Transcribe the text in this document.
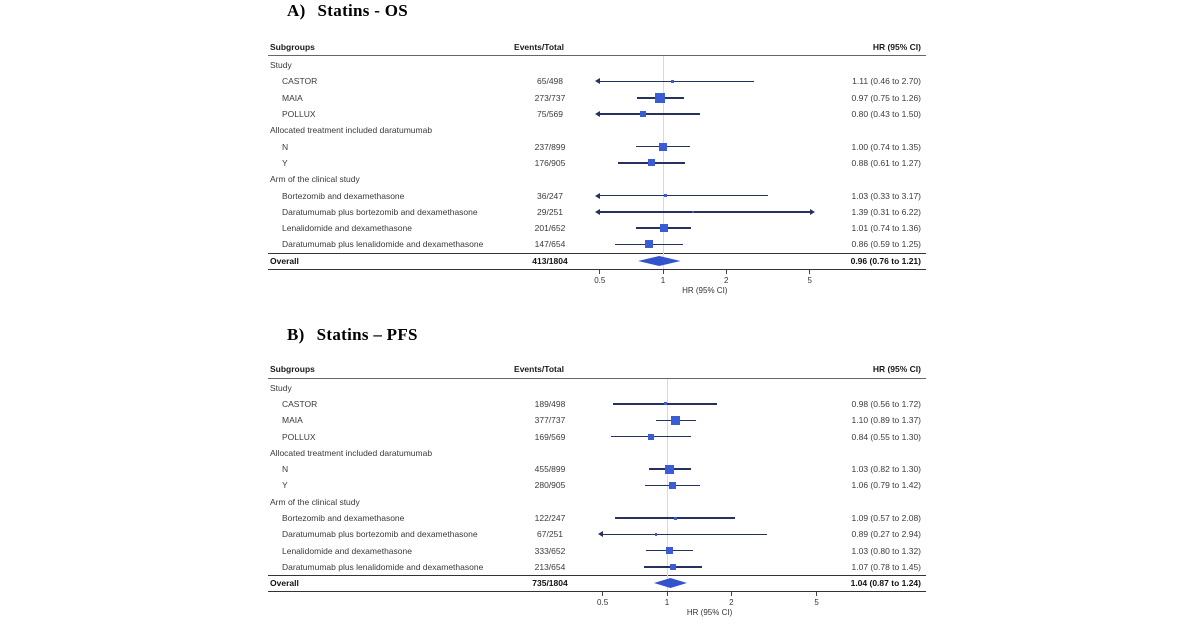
A) Statins - OS
Subgroups	Events/Total	HR (95% CI)
Study
CASTOR	65/498	1.11 (0.46 to 2.70)
MAIA	273/737	0.97 (0.75 to 1.26)
POLLUX	75/569	0.80 (0.43 to 1.50)
Allocated treatment included daratumumab
N	237/899	1.00 (0.74 to 1.35)
Y	176/905	0.88 (0.61 to 1.27)
Arm of the clinical study
Bortezomib and dexamethasone	36/247	1.03 (0.33 to 3.17)
Daratumumab plus bortezomib and dexamethasone	29/251	1.39 (0.31 to 6.22)
Lenalidomide and dexamethasone	201/652	1.01 (0.74 to 1.36)
Daratumumab plus lenalidomide and dexamethasone	147/654	0.86 (0.59 to 1.25)
Overall	413/1804	0.96 (0.76 to 1.21)
0.5	1	2	5
HR (95% CI)
B) Statins – PFS
Subgroups	Events/Total	HR (95% CI)
Study
CASTOR	189/498	0.98 (0.56 to 1.72)
MAIA	377/737	1.10 (0.89 to 1.37)
POLLUX	169/569	0.84 (0.55 to 1.30)
Allocated treatment included daratumumab
N	455/899	1.03 (0.82 to 1.30)
Y	280/905	1.06 (0.79 to 1.42)
Arm of the clinical study
Bortezomib and dexamethasone	122/247	1.09 (0.57 to 2.08)
Daratumumab plus bortezomib and dexamethasone	67/251	0.89 (0.27 to 2.94)
Lenalidomide and dexamethasone	333/652	1.03 (0.80 to 1.32)
Daratumumab plus lenalidomide and dexamethasone	213/654	1.07 (0.78 to 1.45)
Overall	735/1804	1.04 (0.87 to 1.24)
0.5	1	2	5
HR (95% CI)
